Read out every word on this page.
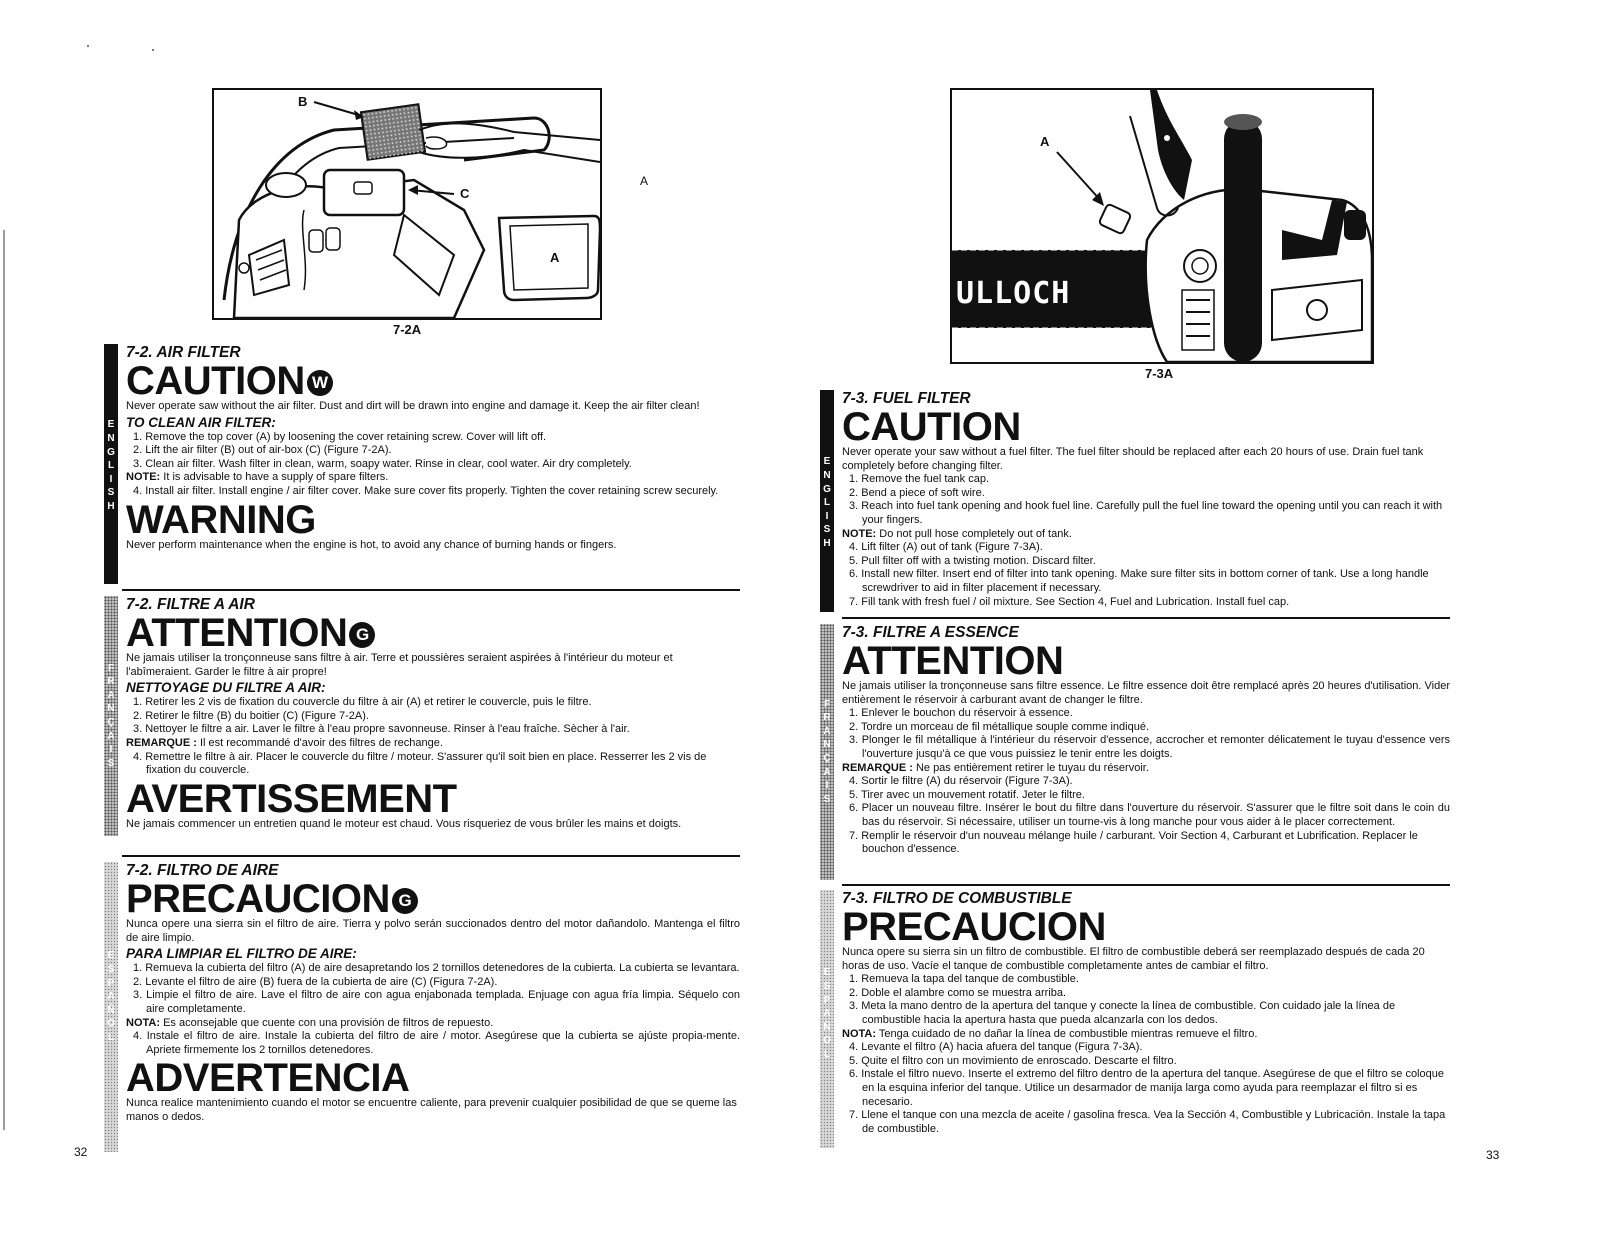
B
C
A
A
7-2A
E
N
G
L
I
S
H

7-2. AIR FILTER

CAUTION W

Never operate saw without the air filter. Dust and dirt will be drawn into engine and damage it. Keep the air filter clean!

TO CLEAN AIR FILTER:

1. Remove the top cover (A) by loosening the cover retaining screw. Cover will lift off.
2. Lift the air filter (B) out of air-box (C) (Figure 7-2A).
3. Clean air filter. Wash filter in clean, warm, soapy water. Rinse in clear, cool water. Air dry completely.
NOTE: It is advisable to have a supply of spare filters.
4. Install air filter. Install engine / air filter cover. Make sure cover fits properly. Tighten the cover retaining screw securely.

WARNING

Never perform maintenance when the engine is hot, to avoid any chance of burning hands or fingers.

F
R
A
N
Ç
A
I
S

7-2. FILTRE A AIR

ATTENTION G

Ne jamais utiliser la tronçonneuse sans filtre à air. Terre et poussières seraient aspirées à l'intérieur du moteur et l'abîmeraient. Garder le filtre à air propre!

NETTOYAGE DU FILTRE A AIR:

1. Retirer les 2 vis de fixation du couvercle du filtre à air (A) et retirer le couvercle, puis le filtre.
2. Retirer le filtre (B) du boitier (C) (Figure 7-2A).
3. Nettoyer le filtre a air. Laver le filtre à l'eau propre savonneuse. Rinser à l'eau fraîche. Sècher à l'air.
REMARQUE : Il est recommandé d'avoir des filtres de rechange.
4. Remettre le filtre à air. Placer le couvercle du filtre / moteur. S'assurer qu'il soit bien en place. Resserrer les 2 vis de fixation du couvercle.

AVERTISSEMENT

Ne jamais commencer un entretien quand le moteur est chaud. Vous risqueriez de vous brûler les mains et doigts.

E
S
P
A
Ñ
O
L

7-2. FILTRO DE AIRE

PRECAUCION G

Nunca opere una sierra sin el filtro de aire. Tierra y polvo serán succionados dentro del motor dañandolo. Mantenga el filtro de aire limpio.

PARA LIMPIAR EL FILTRO DE AIRE:

1. Remueva la cubierta del filtro (A) de aire desapretando los 2 tornillos detenedores de la cubierta. La cubierta se levantara.
2. Levante el filtro de aire (B) fuera de la cubierta de aire (C) (Figura 7-2A).
3. Limpie el filtro de aire. Lave el filtro de aire con agua enjabonada templada. Enjuage con agua fría limpia. Séquelo con aire completamente.
NOTA: Es aconsejable que cuente con una provisión de filtros de repuesto.
4. Instale el filtro de aire. Instale la cubierta del filtro de aire / motor. Asegúrese que la cubierta se ajúste propia-mente. Apriete firmemente los 2 tornillos detenedores.

ADVERTENCIA

Nunca realice mantenimiento cuando el motor se encuentre caliente, para prevenir cualquier posibilidad de que se queme las manos o dedos.

32
ULLOCH
A
7-3A
E
N
G
L
I
S
H

7-3. FUEL FILTER

CAUTION

Never operate your saw without a fuel filter. The fuel filter should be replaced after each 20 hours of use. Drain fuel tank completely before changing filter.

1. Remove the fuel tank cap.
2. Bend a piece of soft wire.
3. Reach into fuel tank opening and hook fuel line. Carefully pull the fuel line toward the opening until you can reach it with your fingers.
NOTE: Do not pull hose completely out of tank.
4. Lift filter (A) out of tank (Figure 7-3A).
5. Pull filter off with a twisting motion. Discard filter.
6. Install new filter. Insert end of filter into tank opening. Make sure filter sits in bottom corner of tank. Use a long handle screwdriver to aid in filter placement if necessary.
7. Fill tank with fresh fuel / oil mixture. See Section 4, Fuel and Lubrication. Install fuel cap.
F
R
A
N
Ç
A
I
S

7-3. FILTRE A ESSENCE

ATTENTION

Ne jamais utiliser la tronçonneuse sans filtre essence. Le filtre essence doit être remplacé après 20 heures d'utilisation. Vider entièrement le réservoir à carburant avant de changer le filtre.

1. Enlever le bouchon du réservoir à essence.
2. Tordre un morceau de fil métallique souple comme indiqué.
3. Plonger le fil métallique à l'intérieur du réservoir d'essence, accrocher et remonter délicatement le tuyau d'essence vers l'ouverture jusqu'à ce que vous puissiez le tenir entre les doigts.
REMARQUE : Ne pas entièrement retirer le tuyau du réservoir.
4. Sortir le filtre (A) du réservoir (Figure 7-3A).
5. Tirer avec un mouvement rotatif. Jeter le filtre.
6. Placer un nouveau filtre. Insérer le bout du filtre dans l'ouverture du réservoir. S'assurer que le filtre soit dans le coin du bas du réservoir. Si nécessaire, utiliser un tourne-vis à long manche pour vous aider à le placer correctement.
7. Remplir le réservoir d'un nouveau mélange huile / carburant. Voir Section 4, Carburant et Lubrification. Replacer le bouchon d'essence.
E
S
P
A
Ñ
O
L

7-3. FILTRO DE COMBUSTIBLE

PRECAUCION

Nunca opere su sierra sin un filtro de combustible. El filtro de combustible deberá ser reemplazado después de cada 20 horas de uso. Vacíe el tanque de combustible completamente antes de cambiar el filtro.

1. Remueva la tapa del tanque de combustible.
2. Doble el alambre como se muestra arriba.
3. Meta la mano dentro de la apertura del tanque y conecte la línea de combustible. Con cuidado jale la línea de combustible hacia la apertura hasta que pueda alcanzarla con los dedos.
NOTA: Tenga cuidado de no dañar la línea de combustible mientras remueve el filtro.
4. Levante el filtro (A) hacia afuera del tanque (Figura 7-3A).
5. Quite el filtro con un movimiento de enroscado. Descarte el filtro.
6. Instale el filtro nuevo. Inserte el extremo del filtro dentro de la apertura del tanque. Asegúrese de que el filtro se coloque en la esquina inferior del tanque. Utilice un desarmador de manija larga como ayuda para reemplazar el filtro si es necesario.
7. Llene el tanque con una mezcla de aceite / gasolina fresca. Vea la Sección 4, Combustible y Lubricación. Instale la tapa de combustible.
33
